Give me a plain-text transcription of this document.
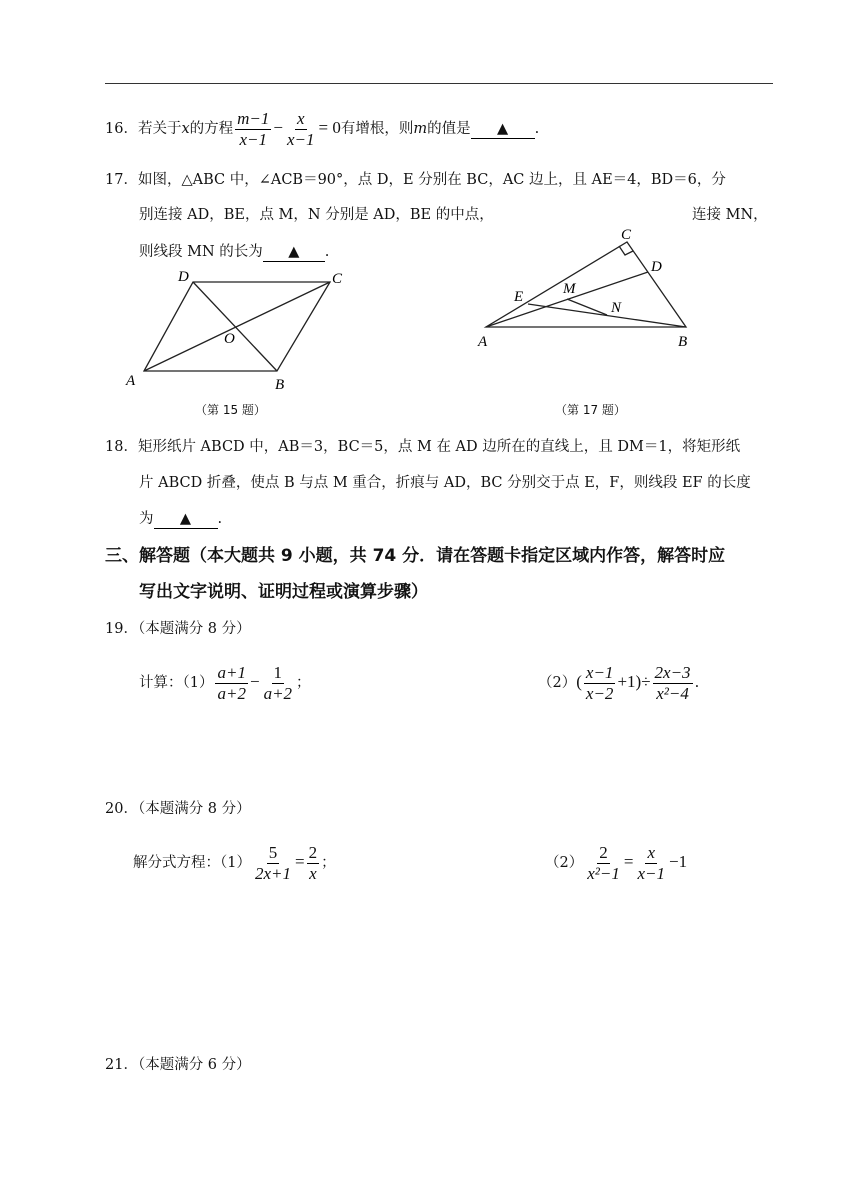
16．若关于x的方程 $\frac{m-1}{x-1} - \frac{x}{x-1} = 0$有增根，则m的值是 ▲ .
17．如图，△ABC 中，∠ACB＝90°，点 D，E 分别在 BC，AC 边上，且 AE＝4，BD＝6，分
别连接 AD，BE，点 M，N 分别是 AD，BE 的中点，	连接 MN，
则线段 MN 的长为 ▲ .
A	B
C
D
O
（第 15 题）
C
D
E	M
N
A	B
（第 17 题）
18．矩形纸片 ABCD 中，AB＝3，BC＝5，点 M 在 AD 边所在的直线上，且 DM＝1，将矩形纸
片 ABCD 折叠，使点 B 与点 M 重合，折痕与 AD，BC 分别交于点 E，F，则线段 EF 的长度
为 ▲ .
三、解答题（本大题共 9 小题，共 74 分．请在答题卡指定区域内作答，解答时应
写出文字说明、证明过程或演算步骤）
19．（本题满分 8 分）
计算：$(1) \frac{a+1}{a+2} - \frac{1}{a+2}$ ；	$(2)( \frac{x-1}{x-2} +1)\div \frac{2x-3}{\text{x²−4}}$ .
20．（本题满分 8 分）
解分式方程：$(1) \frac{5}{2x+1} = \frac{2}{x}$ ；	$(2) \frac{2}{\text{x²−1}} = \frac{x}{x-1} -1$
21．（本题满分 6 分）
